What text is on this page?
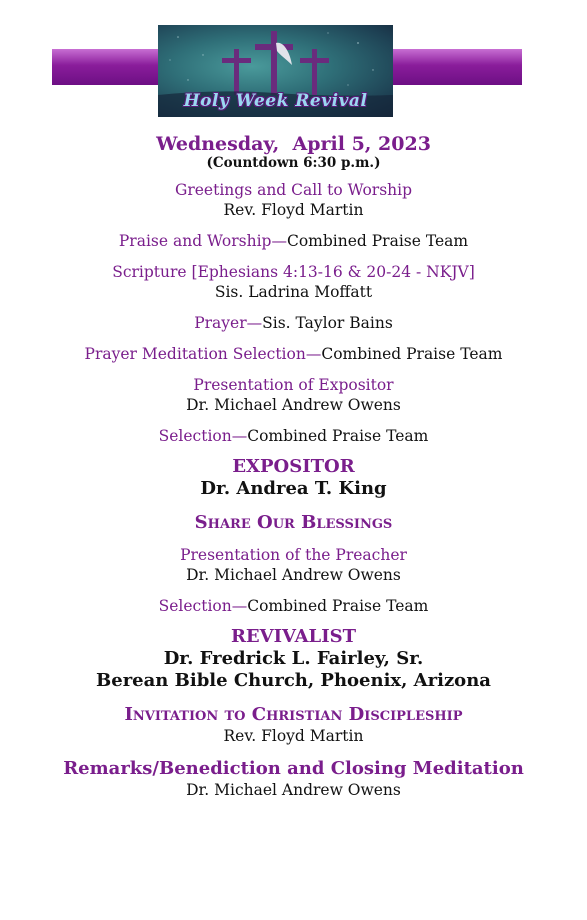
Holy Week Revival

Wednesday,  April 5, 2023

(Countdown 6:30 p.m.)

Greetings and Call to Worship

Rev. Floyd Martin

Praise and Worship—Combined Praise Team

Scripture [Ephesians 4:13-16 & 20-24 - NKJV]

Sis. Ladrina Moffatt

Prayer—Sis. Taylor Bains

Prayer Meditation Selection—Combined Praise Team

Presentation of Expositor

Dr. Michael Andrew Owens

Selection—Combined Praise Team

EXPOSITOR

Dr. Andrea T. King

Share Our Blessings

Presentation of the Preacher

Dr. Michael Andrew Owens

Selection—Combined Praise Team

REVIVALIST

Dr. Fredrick L. Fairley, Sr.

Berean Bible Church, Phoenix, Arizona

Invitation to Christian Discipleship

Rev. Floyd Martin

Remarks/Benediction and Closing Meditation

Dr. Michael Andrew Owens
